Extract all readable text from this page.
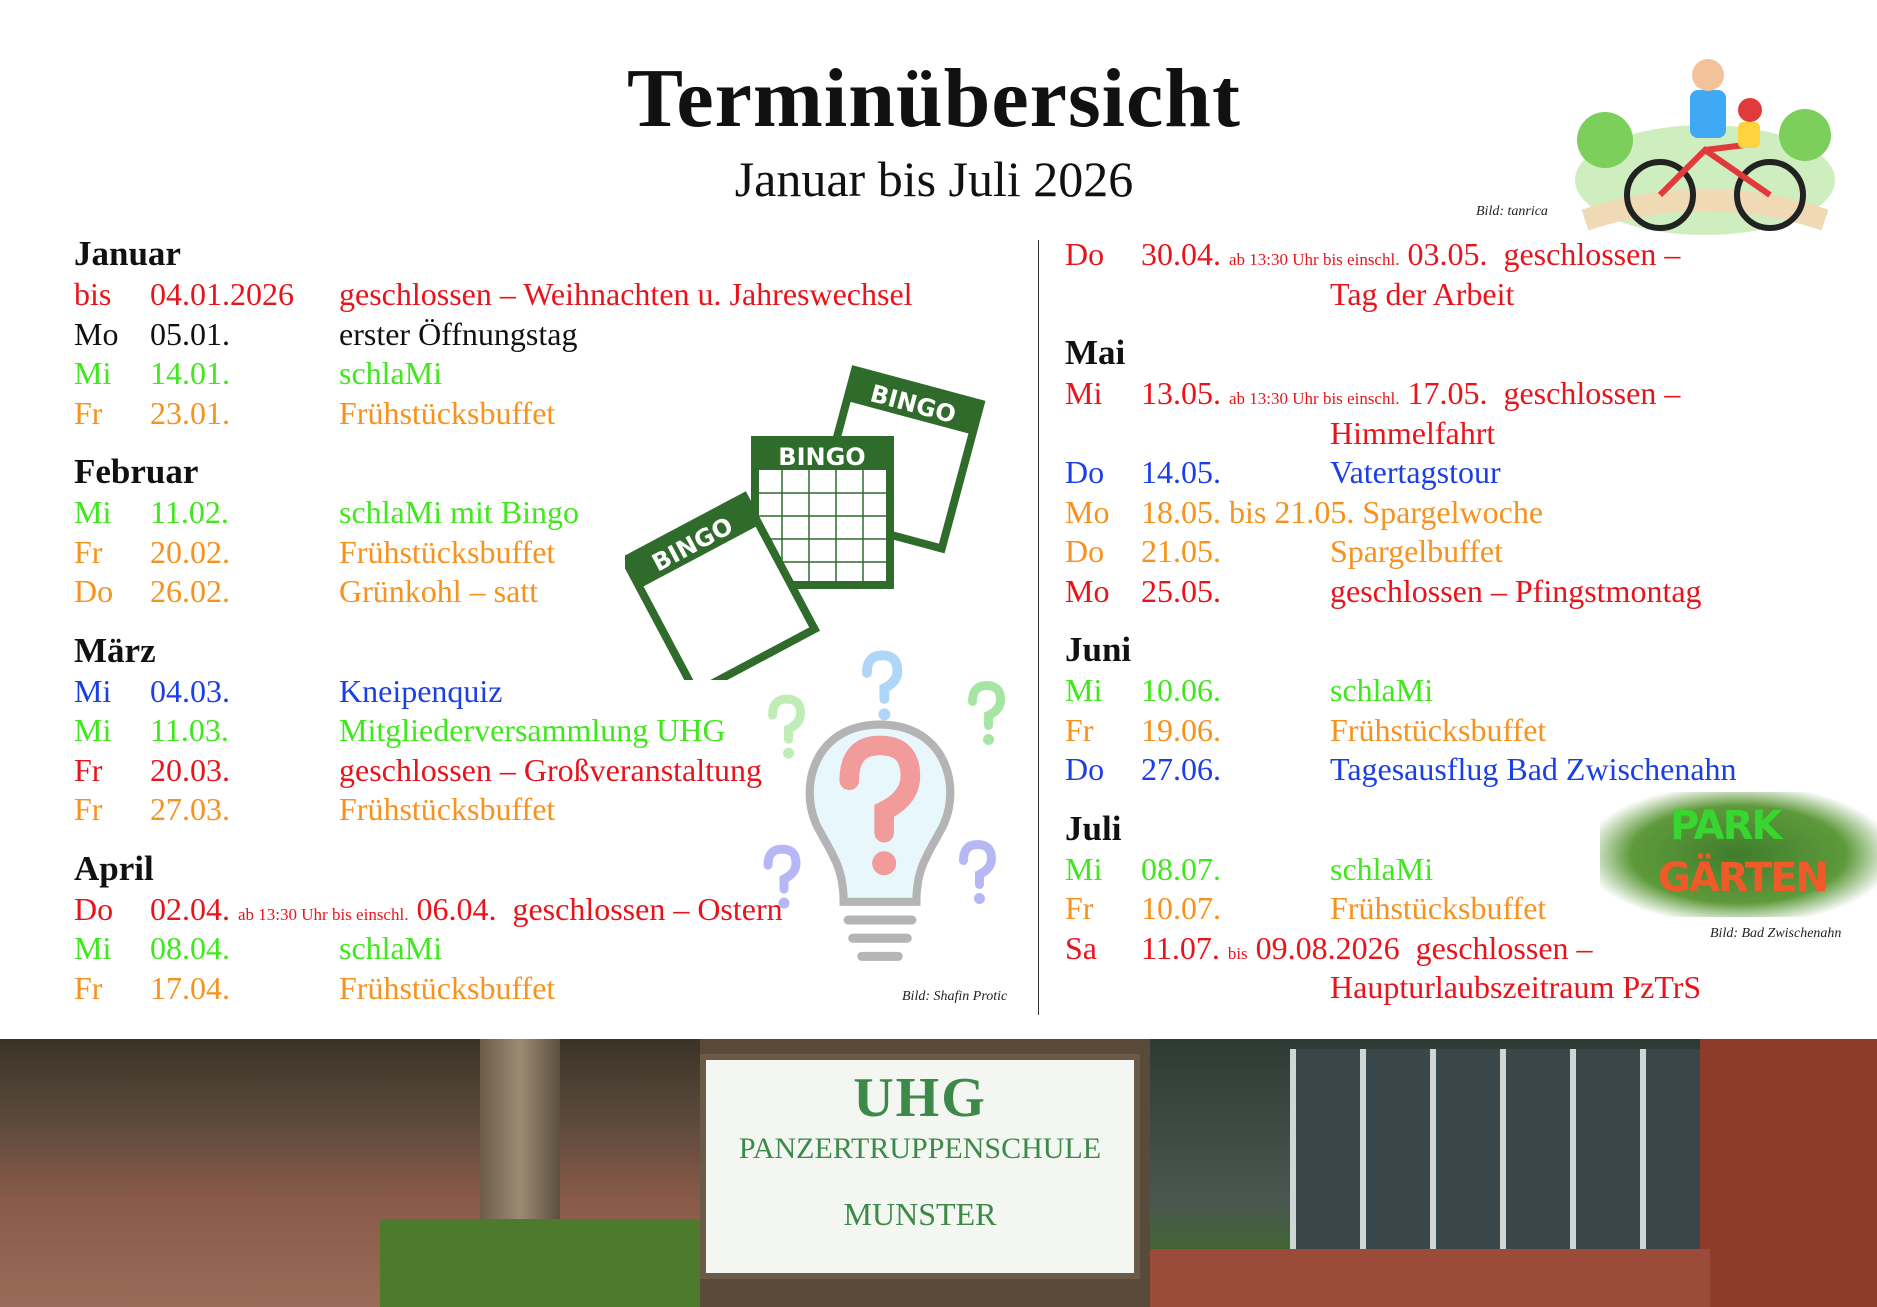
Terminübersicht
Januar bis Juli 2026
Bild: tanrica
BINGO
BINGO
BINGO
Bild: Shafin Protic
PARK
GÄRTEN
Bild: Bad Zwischenahn
Januar
bis 04.01.2026 geschlossen – Weihnachten u. Jahreswechsel
Mo 05.01.	erster Öffnungstag
Mi 14.01.	schlaMi
Fr 23.01.	Frühstücksbuffet
Februar
Mi 11.02.	schlaMi mit Bingo
Fr 20.02.	Frühstücksbuffet
Do 26.02.	Grünkohl – satt
März
Mi 04.03.	Kneipenquiz
Mi 11.03.	Mitgliederversammlung UHG
Fr 20.03.	geschlossen – Großveranstaltung
Fr 27.03.	Frühstücksbuffet
April
Do 02.04. ab 13:30 Uhr bis einschl. 06.04. geschlossen – Ostern
Mi 08.04.	schlaMi
Fr 17.04.	Frühstücksbuffet
Do 30.04. ab 13:30 Uhr bis einschl. 03.05. geschlossen –
Tag der Arbeit
Mai
Mi 13.05. ab 13:30 Uhr bis einschl. 17.05. geschlossen –
Himmelfahrt
Do 14.05.	Vatertagstour
Mo 18.05. bis 21.05. Spargelwoche
Do 21.05.	Spargelbuffet
Mo 25.05.	geschlossen – Pfingstmontag
Juni
Mi 10.06.	schlaMi
Fr 19.06.	Frühstücksbuffet
Do 27.06.	Tagesausflug Bad Zwischenahn
Juli
Mi 08.07.	schlaMi
Fr 10.07.	Frühstücksbuffet
Sa 11.07. bis 09.08.2026 geschlossen –
Haupturlaubszeitraum PzTrS
UHG
PANZERTRUPPENSCHULE
MUNSTER
